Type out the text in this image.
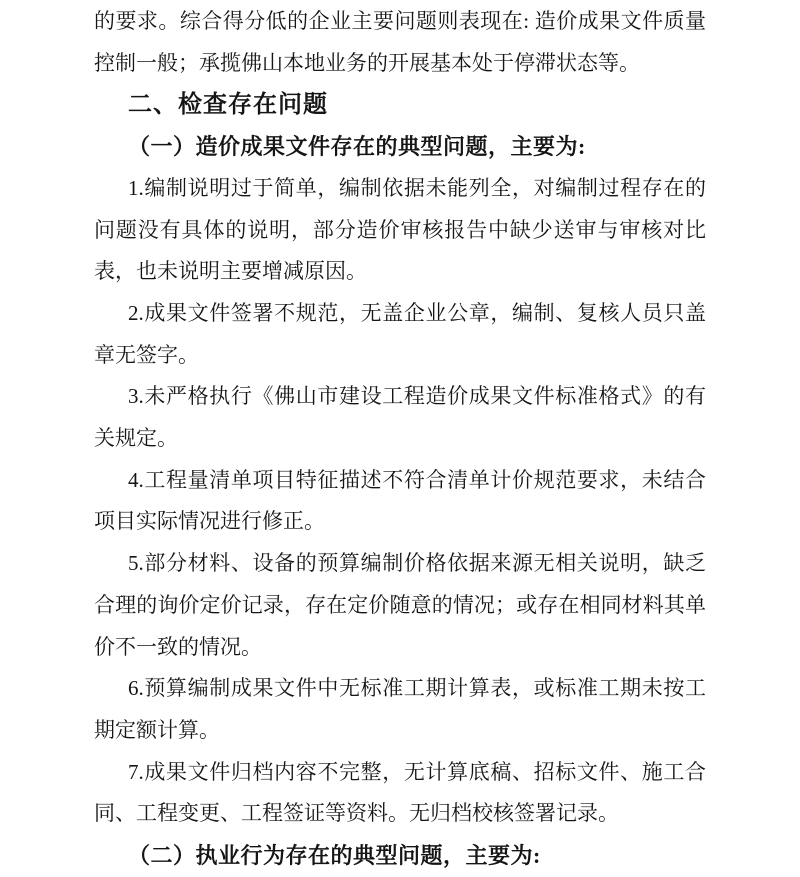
的要求。综合得分低的企业主要问题则表现在: 造价成果文件质量
控制一般；承揽佛山本地业务的开展基本处于停滞状态等。
二、检查存在问题
（一）造价成果文件存在的典型问题，主要为:
1.编制说明过于简单，编制依据未能列全，对编制过程存在的
问题没有具体的说明，部分造价审核报告中缺少送审与审核对比
表，也未说明主要增减原因。
2.成果文件签署不规范，无盖企业公章，编制、复核人员只盖
章无签字。
3.未严格执行《佛山市建设工程造价成果文件标准格式》的有
关规定。
4.工程量清单项目特征描述不符合清单计价规范要求，未结合
项目实际情况进行修正。
5.部分材料、设备的预算编制价格依据来源无相关说明，缺乏
合理的询价定价记录，存在定价随意的情况；或存在相同材料其单
价不一致的情况。
6.预算编制成果文件中无标准工期计算表，或标准工期未按工
期定额计算。
7.成果文件归档内容不完整，无计算底稿、招标文件、施工合
同、工程变更、工程签证等资料。无归档校核签署记录。
（二）执业行为存在的典型问题，主要为:
